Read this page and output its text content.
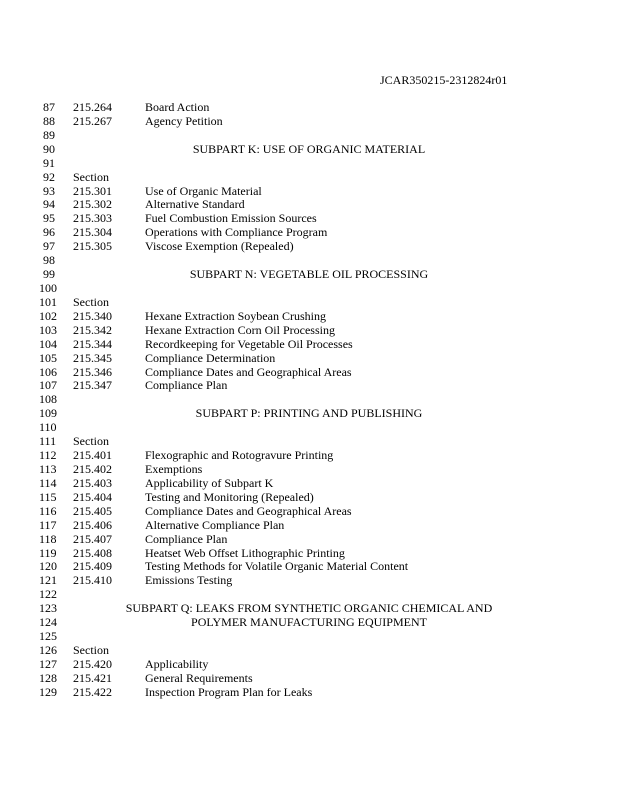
JCAR350215-2312824r01
87 215.264	Board Action
88 215.267	Agency Petition
89
90	SUBPART K: USE OF ORGANIC MATERIAL
91
92 Section
93 215.301	Use of Organic Material
94 215.302	Alternative Standard
95 215.303	Fuel Combustion Emission Sources
96 215.304	Operations with Compliance Program
97 215.305	Viscose Exemption (Repealed)
98
99	SUBPART N: VEGETABLE OIL PROCESSING
100
101 Section
102 215.340	Hexane Extraction Soybean Crushing
103 215.342	Hexane Extraction Corn Oil Processing
104 215.344	Recordkeeping for Vegetable Oil Processes
105 215.345	Compliance Determination
106 215.346	Compliance Dates and Geographical Areas
107 215.347	Compliance Plan
108
109	SUBPART P: PRINTING AND PUBLISHING
110
111 Section
112 215.401	Flexographic and Rotogravure Printing
113 215.402	Exemptions
114 215.403	Applicability of Subpart K
115 215.404	Testing and Monitoring (Repealed)
116 215.405	Compliance Dates and Geographical Areas
117 215.406	Alternative Compliance Plan
118 215.407	Compliance Plan
119 215.408	Heatset Web Offset Lithographic Printing
120 215.409	Testing Methods for Volatile Organic Material Content
121 215.410	Emissions Testing
122
123	SUBPART Q: LEAKS FROM SYNTHETIC ORGANIC CHEMICAL AND
124	POLYMER MANUFACTURING EQUIPMENT
125
126 Section
127 215.420	Applicability
128 215.421	General Requirements
129 215.422	Inspection Program Plan for Leaks
